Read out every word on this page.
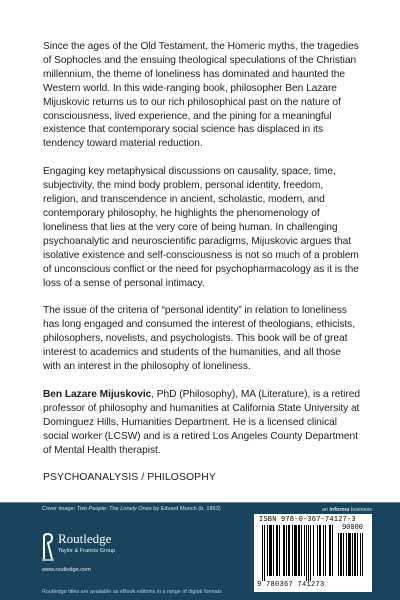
Since the ages of the Old Testament, the Homeric myths, the tragedies of Sophocles and the ensuing theological speculations of the Christian millennium, the theme of loneliness has dominated and haunted the Western world. In this wide-ranging book, philosopher Ben Lazare Mijuskovic returns us to our rich philosophical past on the nature of consciousness, lived experience, and the pining for a meaningful existence that contemporary social science has displaced in its tendency toward material reduction.

Engaging key metaphysical discussions on causality, space, time, subjectivity, the mind body problem, personal identity, freedom, religion, and transcendence in ancient, scholastic, modern, and contemporary philosophy, he highlights the phenomenology of loneliness that lies at the very core of being human. In challenging psychoanalytic and neuroscientific paradigms, Mijuskovic argues that isolative existence and self-consciousness is not so much of a problem of unconscious conflict or the need for psychopharmacology as it is the loss of a sense of personal intimacy.

The issue of the criteria of “personal identity” in relation to loneliness has long engaged and consumed the interest of theologians, ethicists, philosophers, novelists, and psychologists. This book will be of great interest to academics and students of the humanities, and all those with an interest in the philosophy of loneliness.

Ben Lazare Mijuskovic, PhD (Philosophy), MA (Literature), is a retired professor of philosophy and humanities at California State University at Dominguez Hills, Humanities Department. He is a licensed clinical social worker (LCSW) and is a retired Los Angeles County Department of Mental Health therapist.

PSYCHOANALYSIS / PHILOSOPHY

Cover image: Two People: The Lonely Ones by Edvard Munch (b. 1863)	an informa business
Routledge
Taylor & Francis Group
www.routledge.com
Routledge titles are available as eBook editions in a range of digital formats
ISBN 978-0-367-74127-3
90000
9 780367 741273
